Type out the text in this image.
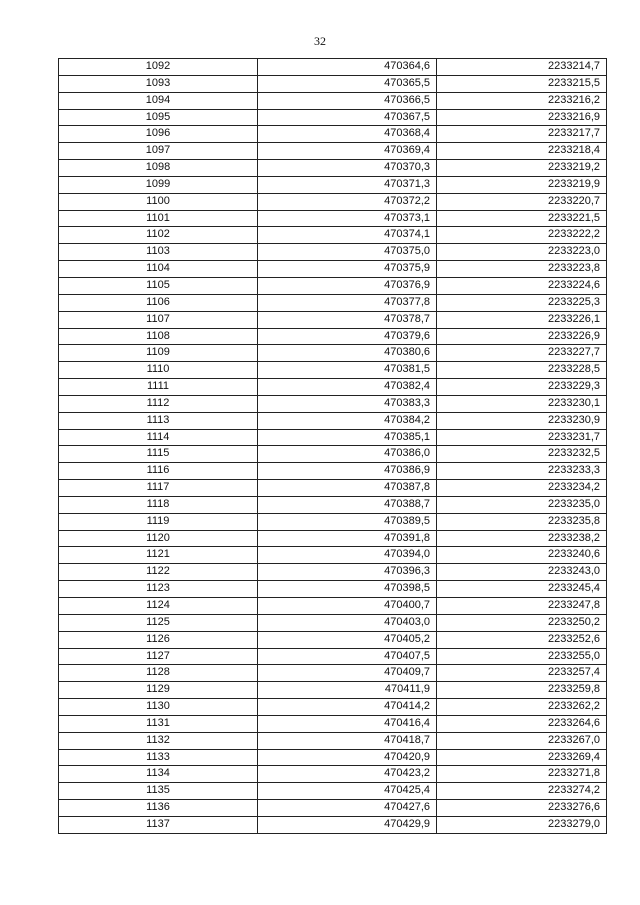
32
1092	470364,6	2233214,7
1093	470365,5	2233215,5
1094	470366,5	2233216,2
1095	470367,5	2233216,9
1096	470368,4	2233217,7
1097	470369,4	2233218,4
1098	470370,3	2233219,2
1099	470371,3	2233219,9
1100	470372,2	2233220,7
1101	470373,1	2233221,5
1102	470374,1	2233222,2
1103	470375,0	2233223,0
1104	470375,9	2233223,8
1105	470376,9	2233224,6
1106	470377,8	2233225,3
1107	470378,7	2233226,1
1108	470379,6	2233226,9
1109	470380,6	2233227,7
1110	470381,5	2233228,5
1111	470382,4	2233229,3
1112	470383,3	2233230,1
1113	470384,2	2233230,9
1114	470385,1	2233231,7
1115	470386,0	2233232,5
1116	470386,9	2233233,3
1117	470387,8	2233234,2
1118	470388,7	2233235,0
1119	470389,5	2233235,8
1120	470391,8	2233238,2
1121	470394,0	2233240,6
1122	470396,3	2233243,0
1123	470398,5	2233245,4
1124	470400,7	2233247,8
1125	470403,0	2233250,2
1126	470405,2	2233252,6
1127	470407,5	2233255,0
1128	470409,7	2233257,4
1129	470411,9	2233259,8
1130	470414,2	2233262,2
1131	470416,4	2233264,6
1132	470418,7	2233267,0
1133	470420,9	2233269,4
1134	470423,2	2233271,8
1135	470425,4	2233274,2
1136	470427,6	2233276,6
1137	470429,9	2233279,0
